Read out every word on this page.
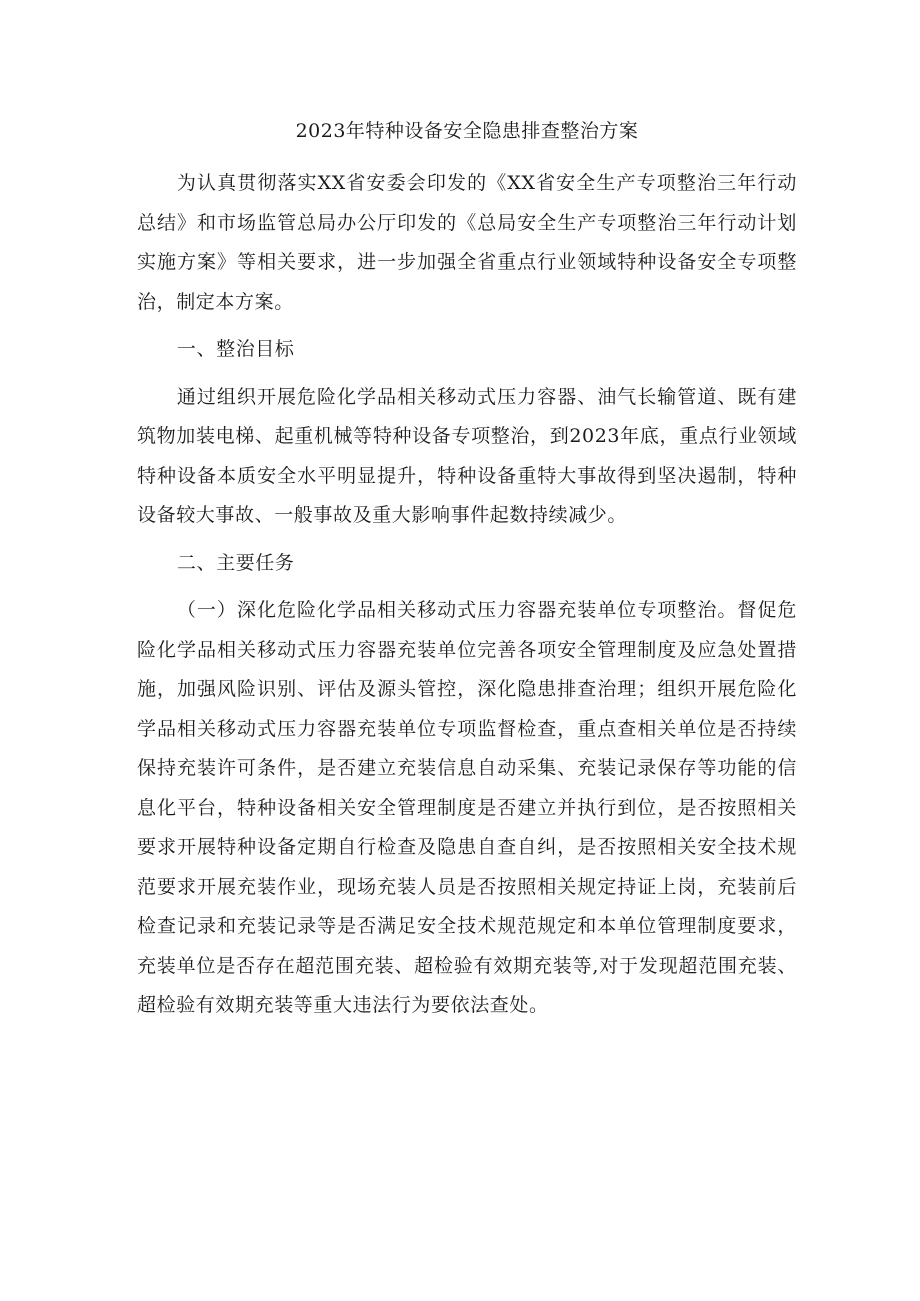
2023年特种设备安全隐患排查整治方案

为认真贯彻落实XX省安委会印发的《XX省安全生产专项整治三年行动总结》和市场监管总局办公厅印发的《总局安全生产专项整治三年行动计划实施方案》等相关要求，进一步加强全省重点行业领域特种设备安全专项整治，制定本方案。

一、整治目标

通过组织开展危险化学品相关移动式压力容器、油气长输管道、既有建筑物加装电梯、起重机械等特种设备专项整治，到2023年底，重点行业领域特种设备本质安全水平明显提升，特种设备重特大事故得到坚决遏制，特种设备较大事故、一般事故及重大影响事件起数持续减少。

二、主要任务

（一）深化危险化学品相关移动式压力容器充装单位专项整治。督促危险化学品相关移动式压力容器充装单位完善各项安全管理制度及应急处置措施，加强风险识别、评估及源头管控，深化隐患排查治理；组织开展危险化学品相关移动式压力容器充装单位专项监督检查，重点查相关单位是否持续保持充装许可条件，是否建立充装信息自动采集、充装记录保存等功能的信息化平台，特种设备相关安全管理制度是否建立并执行到位，是否按照相关要求开展特种设备定期自行检查及隐患自查自纠，是否按照相关安全技术规范要求开展充装作业，现场充装人员是否按照相关规定持证上岗，充装前后检查记录和充装记录等是否满足安全技术规范规定和本单位管理制度要求，充装单位是否存在超范围充装、超检验有效期充装等,对于发现超范围充装、超检验有效期充装等重大违法行为要依法查处。
